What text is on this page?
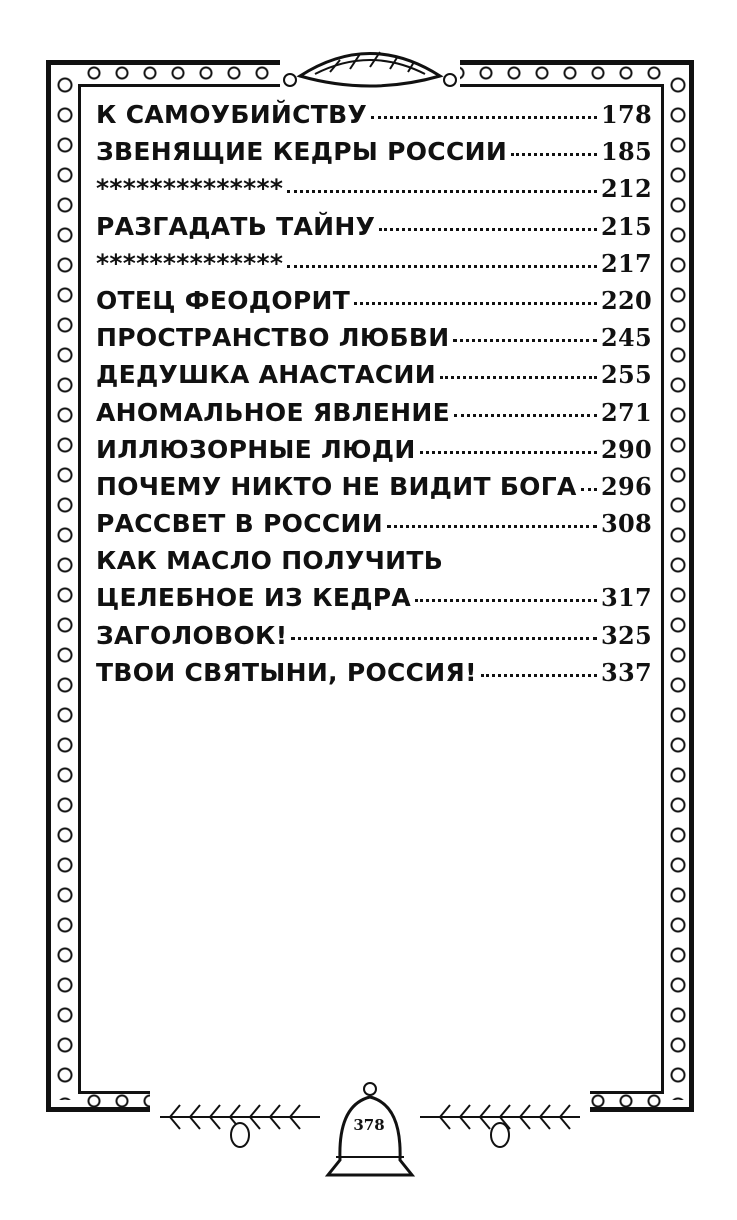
378
К САМОУБИЙСТВУ	178
ЗВЕНЯЩИЕ КЕДРЫ РОССИИ	185
**************	212
РАЗГАДАТЬ ТАЙНУ	215
**************	217
ОТЕЦ ФЕОДОРИТ	220
ПРОСТРАНСТВО ЛЮБВИ	245
ДЕДУШКА АНАСТАСИИ	255
АНОМАЛЬНОЕ ЯВЛЕНИЕ	271
ИЛЛЮЗОРНЫЕ ЛЮДИ	290
ПОЧЕМУ НИКТО НЕ ВИДИТ БОГА 296
РАССВЕТ В РОССИИ	308
КАК МАСЛО ПОЛУЧИТЬ
ЦЕЛЕБНОЕ ИЗ КЕДРА	317
ЗАГОЛОВОК!	325
ТВОИ СВЯТЫНИ, РОССИЯ!	337
